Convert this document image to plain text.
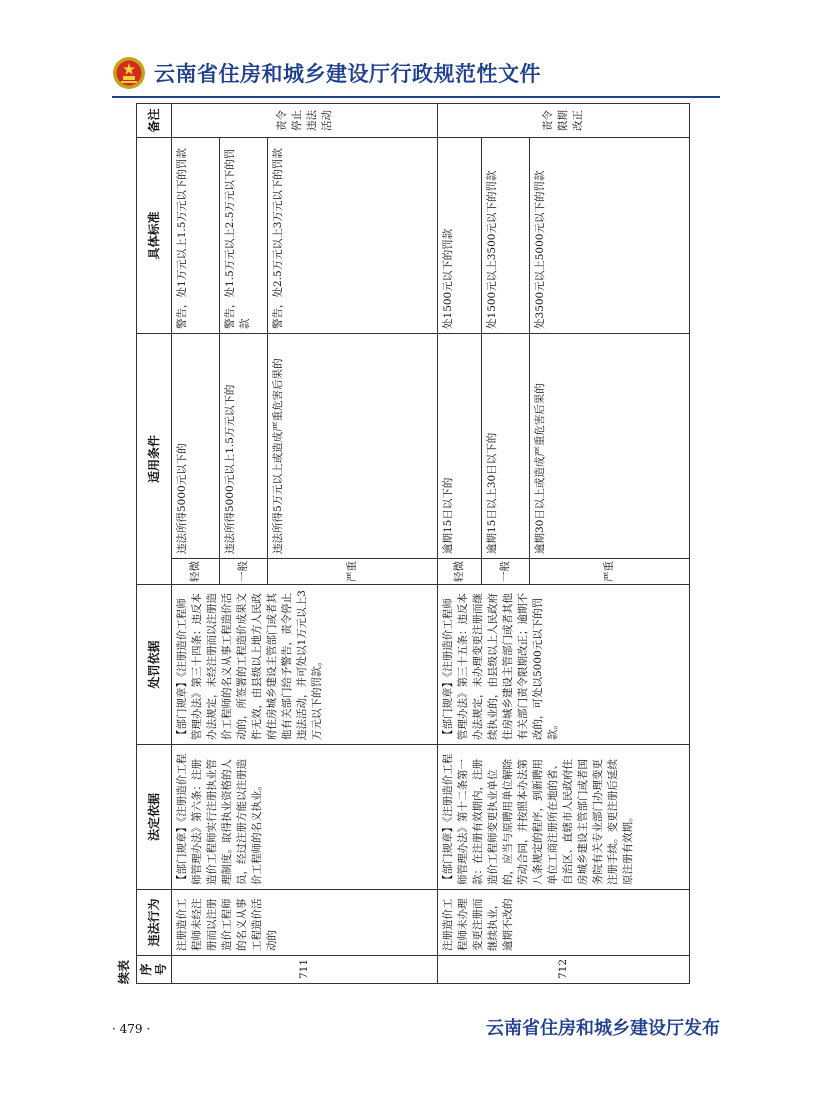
云南省住房和城乡建设厅行政规范性文件
续表 序号	违法行为	法定依据	处罚依据	适用条件		具体标准	备注
711	注册造价工程师未经注册而以注册造价工程师的名义从事工程造价活动的	【部门规章】《注册造价工程师管理办法》第六条：注册造价工程师实行注册执业管理制度。取得执业资格的人员，经过注册方能以注册造价工程师的名义执业。	【部门规章】《注册造价工程师管理办法》第三十四条：违反本办法规定，未经注册而以注册造价工程师的名义从事工程造价活动的，所签署的工程造价成果文件无效，由县级以上地方人民政府住房城乡建设主管部门或者其他有关部门给予警告，责令停止违法活动，并可处以1万元以上3万元以下的罚款。	轻微	违法所得5000元以下的	警告，处1万元以上1.5万元以下的罚款	责令停止违法活动
				一般	违法所得5000元以上1.5万元以下的	警告，处1.5万元以上2.5万元以下的罚款	
				严重	违法所得5万元以上或造成严重危害后果的	警告，处2.5万元以上3万元以下的罚款	
712	注册造价工程师未办理变更注册而继续执业，逾期不改的	【部门规章】《注册造价工程师管理办法》第十二条第一款：在注册有效期内，注册造价工程师变更执业单位的，应当与原聘用单位解除劳动合同，并按照本办法第八条规定的程序，到新聘用单位工商注册所在地的省、自治区、直辖市人民政府住房城乡建设主管部门或者国务院有关专业部门办理变更注册手续。变更注册后延续原注册有效期。	【部门规章】《注册造价工程师管理办法》第三十五条：违反本办法规定，未办理变更注册而继续执业的，由县级以上人民政府住房城乡建设主管部门或者其他有关部门责令限期改正；逾期不改的，可处以5000元以下的罚款。	轻微	逾期15日以下的	处1500元以下的罚款	责令限期改正
				一般	逾期15日以上30日以下的	处1500元以上3500元以下的罚款	
				严重	逾期30日以上或造成严重危害后果的	处3500元以上5000元以下的罚款	
· 479 ·	云南省住房和城乡建设厅发布
